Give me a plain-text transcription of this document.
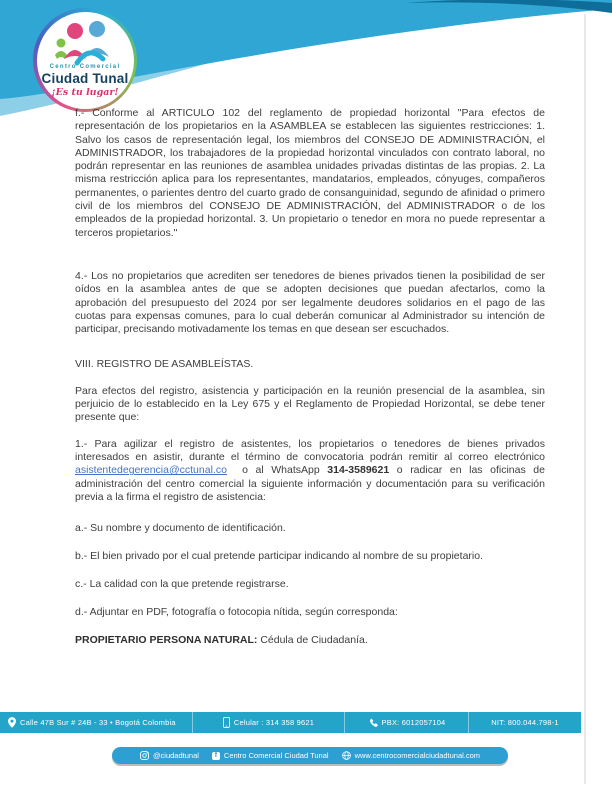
Centro Comercial
Ciudad Tunal
¡Es tu lugar!

f.- Conforme al ARTICULO 102 del reglamento de propiedad horizontal "Para efectos de representación de los propietarios en la ASAMBLEA se establecen las siguientes restricciones: 1. Salvo los casos de representación legal, los miembros del CONSEJO DE ADMINISTRACIÓN, el ADMINISTRADOR, los trabajadores de la propiedad horizontal vinculados con contrato laboral, no podrán representar en las reuniones de asamblea unidades privadas distintas de las propias. 2. La misma restricción aplica para los representantes, mandatarios, empleados, cónyuges, compañeros permanentes, o parientes dentro del cuarto grado de consanguinidad, segundo de afinidad o primero civil de los miembros del CONSEJO DE ADMINISTRACIÓN, del ADMINISTRADOR o de los empleados de la propiedad horizontal. 3. Un propietario o tenedor en mora no puede representar a terceros propietarios."

4.- Los no propietarios que acrediten ser tenedores de bienes privados tienen la posibilidad de ser oídos en la asamblea antes de que se adopten decisiones que puedan afectarlos, como la aprobación del presupuesto del 2024 por ser legalmente deudores solidarios en el pago de las cuotas para expensas comunes, para lo cual deberán comunicar al Administrador su intención de participar, precisando motivadamente los temas en que desean ser escuchados.

VIII. REGISTRO DE ASAMBLEÍSTAS.

Para efectos del registro, asistencia y participación en la reunión presencial de la asamblea, sin perjuicio de lo establecido en la Ley 675 y el Reglamento de Propiedad Horizontal, se debe tener presente que:

1.- Para agilizar el registro de asistentes, los propietarios o tenedores de bienes privados interesados en asistir, durante el término de convocatoria podrán remitir al correo electrónico asistentedegerencia@cctunal.co  o al WhatsApp 314-3589621 o radicar en las oficinas de administración del centro comercial la siguiente información y documentación para su verificación previa a la firma el registro de asistencia:

a.- Su nombre y documento de identificación.

b.- El bien privado por el cual pretende participar indicando al nombre de su propietario.

c.- La calidad con la que pretende registrarse.

d.- Adjuntar en PDF, fotografía o fotocopia nítida, según corresponda:

PROPIETARIO PERSONA NATURAL: Cédula de Ciudadanía.

Calle 47B Sur # 24B - 33 • Bogotá Colombia	Celular : 314 358 9621	PBX: 6012057104	NIT: 800.044.798-1
@ciudadtunal f Centro Comercial Ciudad Tunal	www.centrocomercialciudadtunal.com
